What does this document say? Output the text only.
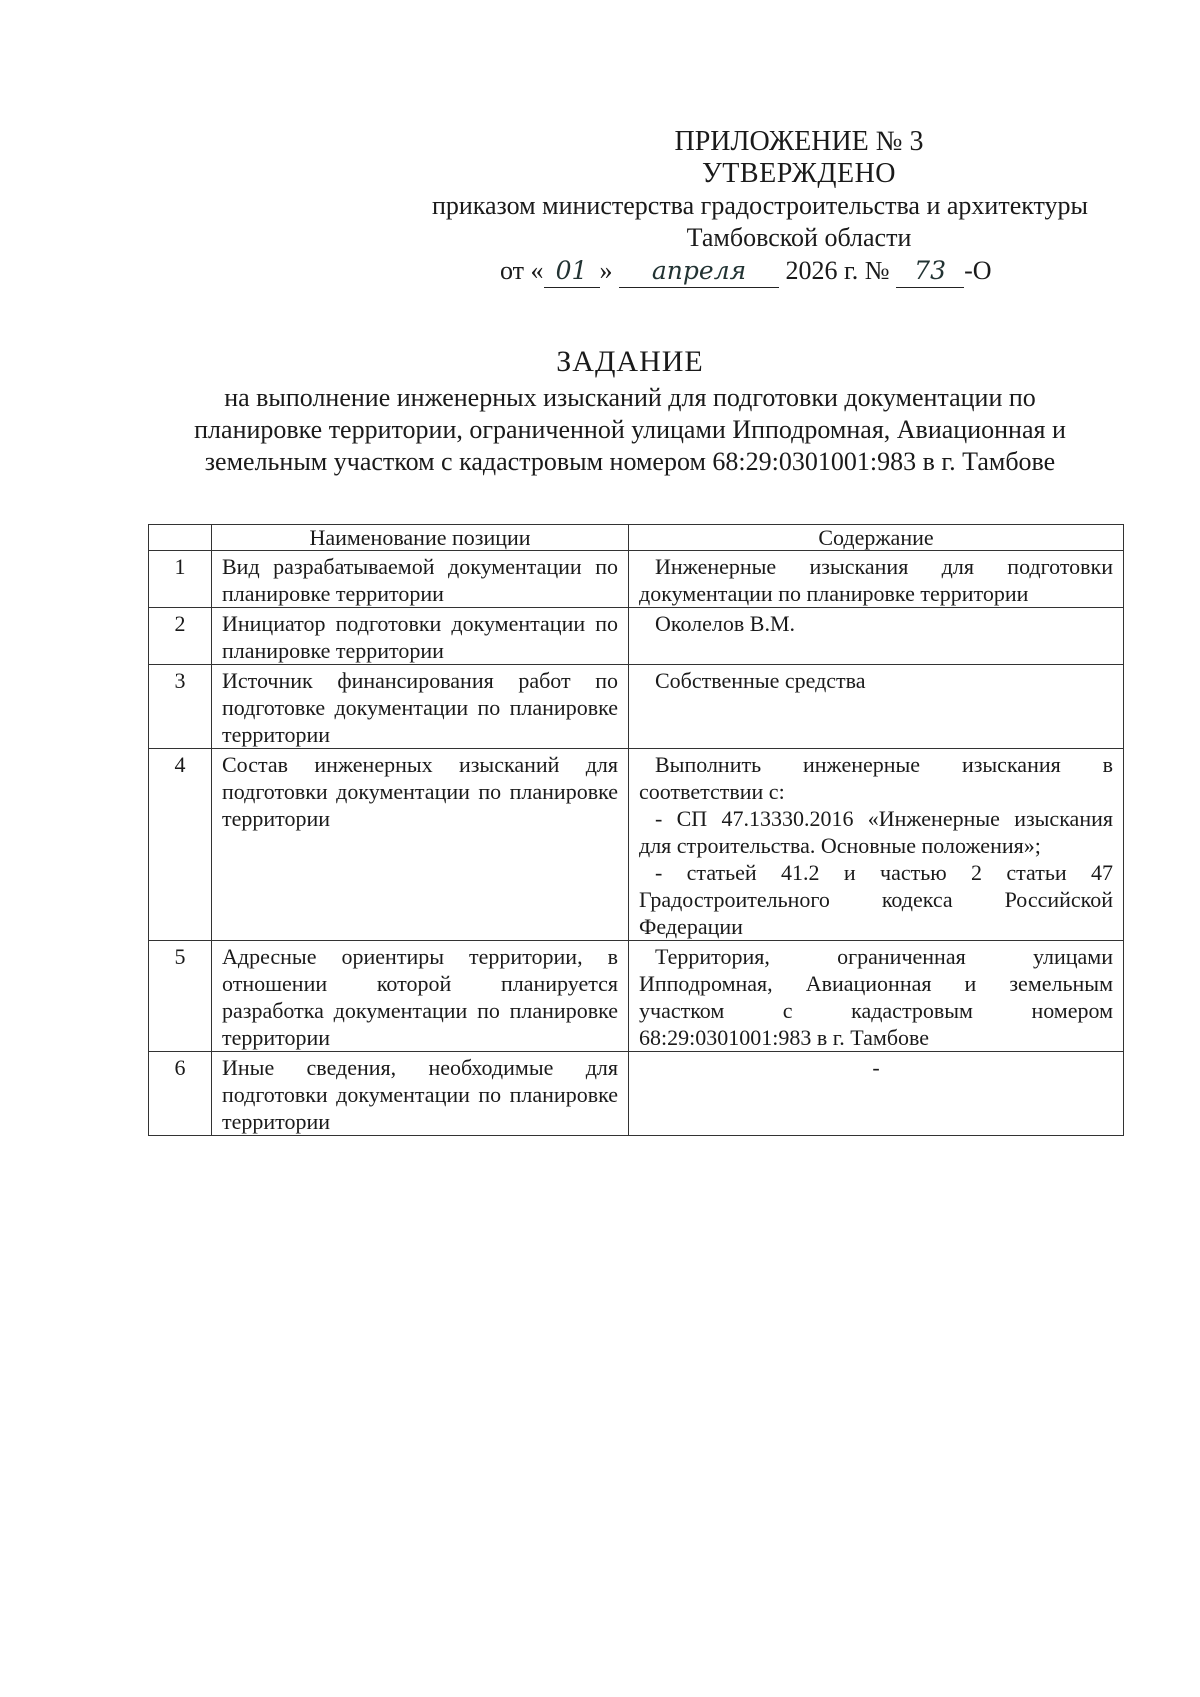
ПРИЛОЖЕНИЕ № 3
УТВЕРЖДЕНО
приказом министерства градостроительства и архитектуры
Тамбовской области
от « 01 » апреля 2026 г. № 73 -О
ЗАДАНИЕ
на выполнение инженерных изысканий для подготовки документации по
планировке территории, ограниченной улицами Ипподромная, Авиационная и
земельным участком с кадастровым номером 68:29:0301001:983 в г. Тамбове
	Наименование позиции	Содержание
1	Вид разрабатываемой документации по планировке территории	Инженерные изыскания для подготовки документации по планировке территории
2	Инициатор подготовки документации по планировке территории	Околелов В.М.
3	Источник финансирования работ по подготовке документации по планировке территории	Собственные средства
4	Состав инженерных изысканий для подготовки документации по планировке территории	Выполнить инженерные изыскания в соответствии с:
- СП 47.13330.2016 «Инженерные изыскания для строительства. Основные положения»;
- статьей 41.2 и частью 2 статьи 47 Градостроительного кодекса Российской Федерации

5	Адресные ориентиры территории, в отношении которой планируется разработка документации по планировке территории	Территория, ограниченная улицами Ипподромная, Авиационная и земельным участком с кадастровым номером 68:29:0301001:983 в г. Тамбове
6	Иные сведения, необходимые для подготовки документации по планировке территории	-
